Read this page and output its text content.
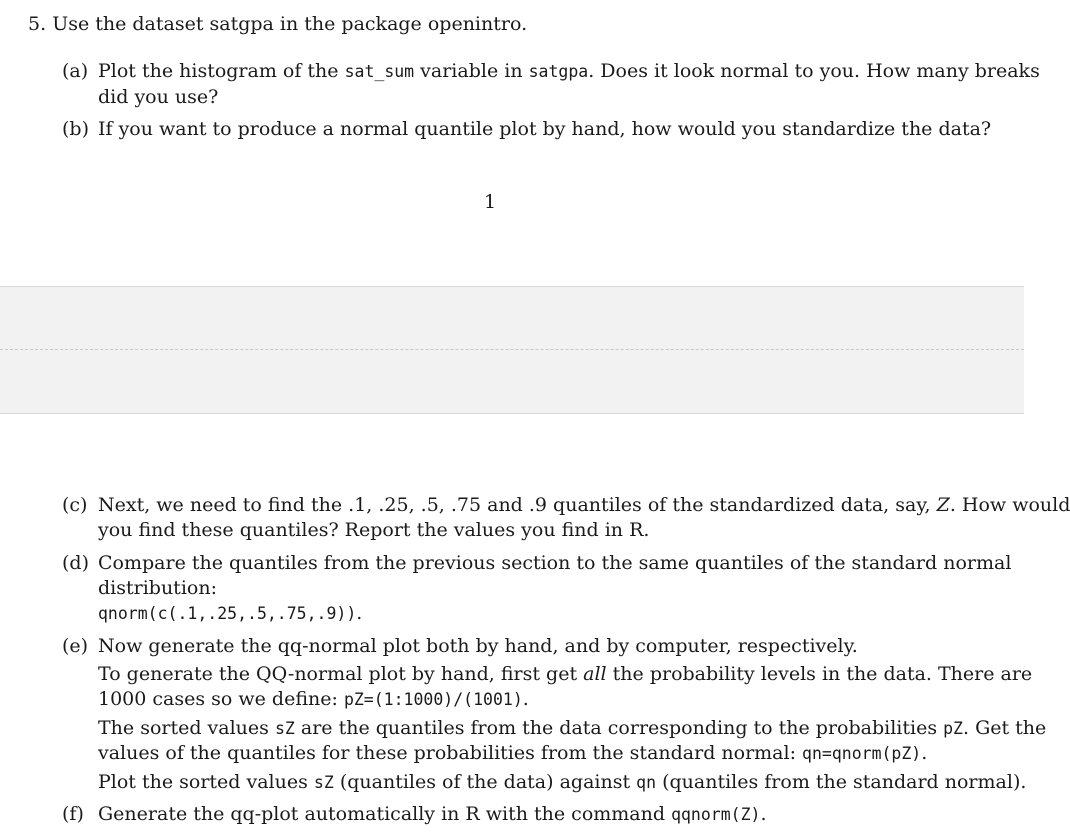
5. Use the dataset satgpa in the package openintro.
(a) Plot the histogram of the sat_sum variable in satgpa. Does it look normal to you. How many breaks
did you use?
(b) If you want to produce a normal quantile plot by hand, how would you standardize the data?
1
(c) Next, we need to find the .1, .25, .5, .75 and .9 quantiles of the standardized data, say, Z. How would
you find these quantiles? Report the values you find in R.
(d) Compare the quantiles from the previous section to the same quantiles of the standard normal
distribution:
qnorm(c(.1,.25,.5,.75,.9)).
(e) Now generate the qq-normal plot both by hand, and by computer, respectively.
To generate the QQ-normal plot by hand, first get all the probability levels in the data. There are
1000 cases so we define: pZ=(1:1000)/(1001).
The sorted values sZ are the quantiles from the data corresponding to the probabilities pZ. Get the
values of the quantiles for these probabilities from the standard normal: qn=qnorm(pZ).
Plot the sorted values sZ (quantiles of the data) against qn (quantiles from the standard normal).
(f) Generate the qq-plot automatically in R with the command qqnorm(Z).
